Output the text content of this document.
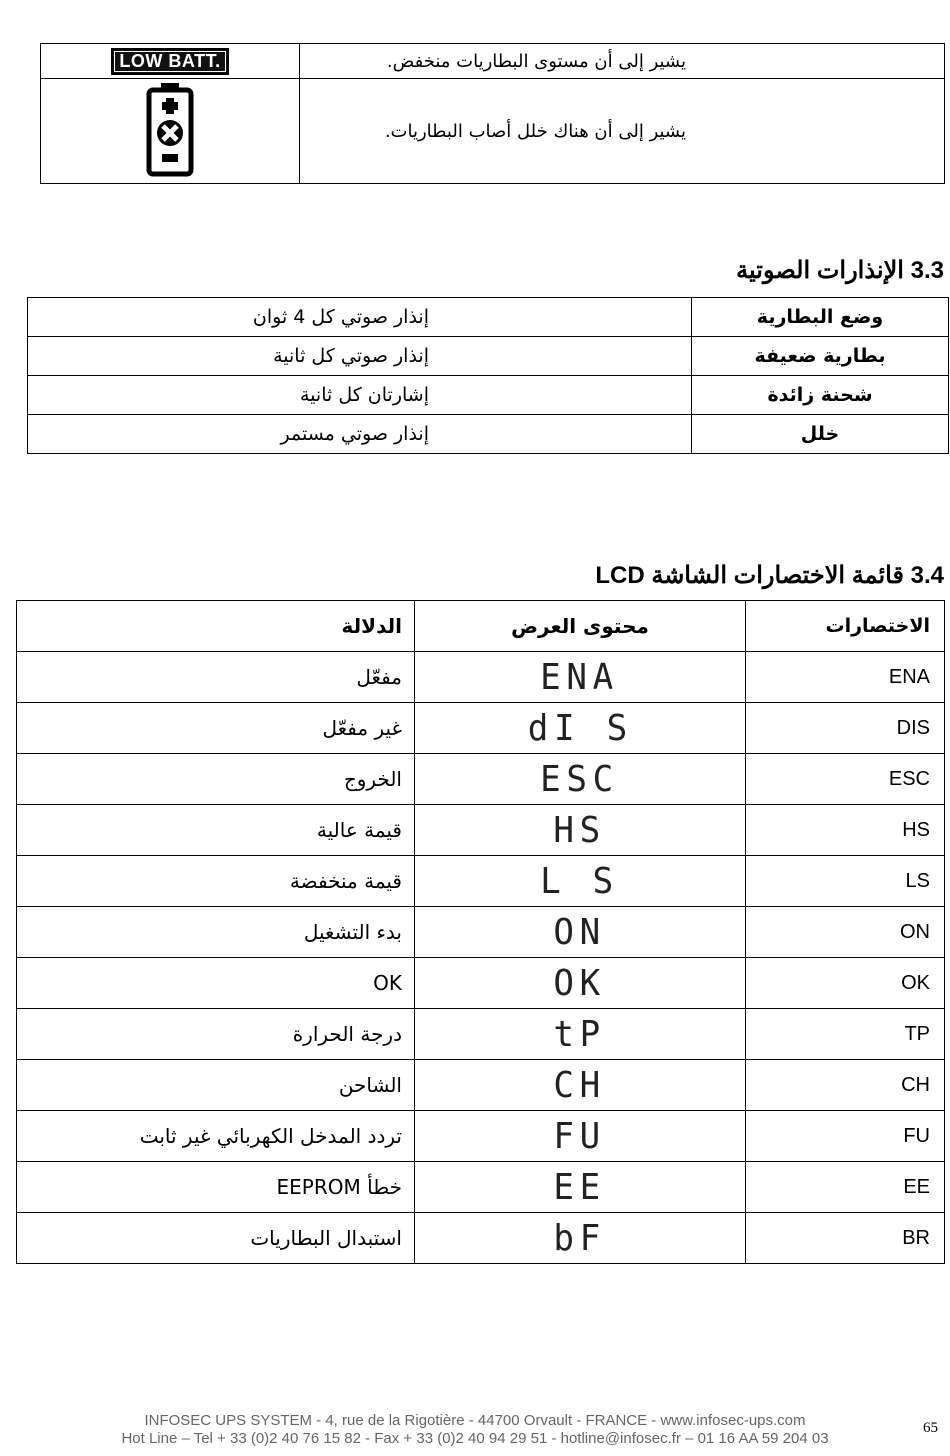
LOW BATT.	يشير إلى أن مستوى البطاريات منخفض.
	يشير إلى أن هناك خلل أصاب البطاريات.
3.3 الإنذارات الصوتية
وضع البطارية	إنذار صوتي كل 4 ثوان
بطارية ضعيفة	إنذار صوتي كل ثانية
شحنة زائدة	إشارتان كل ثانية
خلل	إنذار صوتي مستمر
3.4 قائمة الاختصارات الشاشة LCD
الدلالة	محتوى العرض	الاختصارات
مفعّل	ENA	ENA
غير مفعّل	dI S	DIS
الخروج	ESC	ESC
قيمة عالية	HS	HS
قيمة منخفضة	L S	LS
بدء التشغيل	ON	ON
OK	OK	OK
درجة الحرارة	tP	TP
الشاحن	CH	CH
تردد المدخل الكهربائي غير ثابت	FU	FU
خطأ EEPROM	EE	EE
استبدال البطاريات	bF	BR
INFOSEC UPS SYSTEM - 4, rue de la Rigotière - 44700 Orvault - FRANCE - www.infosec-ups.com
Hot Line – Tel + 33 (0)2 40 76 15 82 - Fax + 33 (0)2 40 94 29 51 - hotline@infosec.fr – 01 16 AA 59 204 03
65
